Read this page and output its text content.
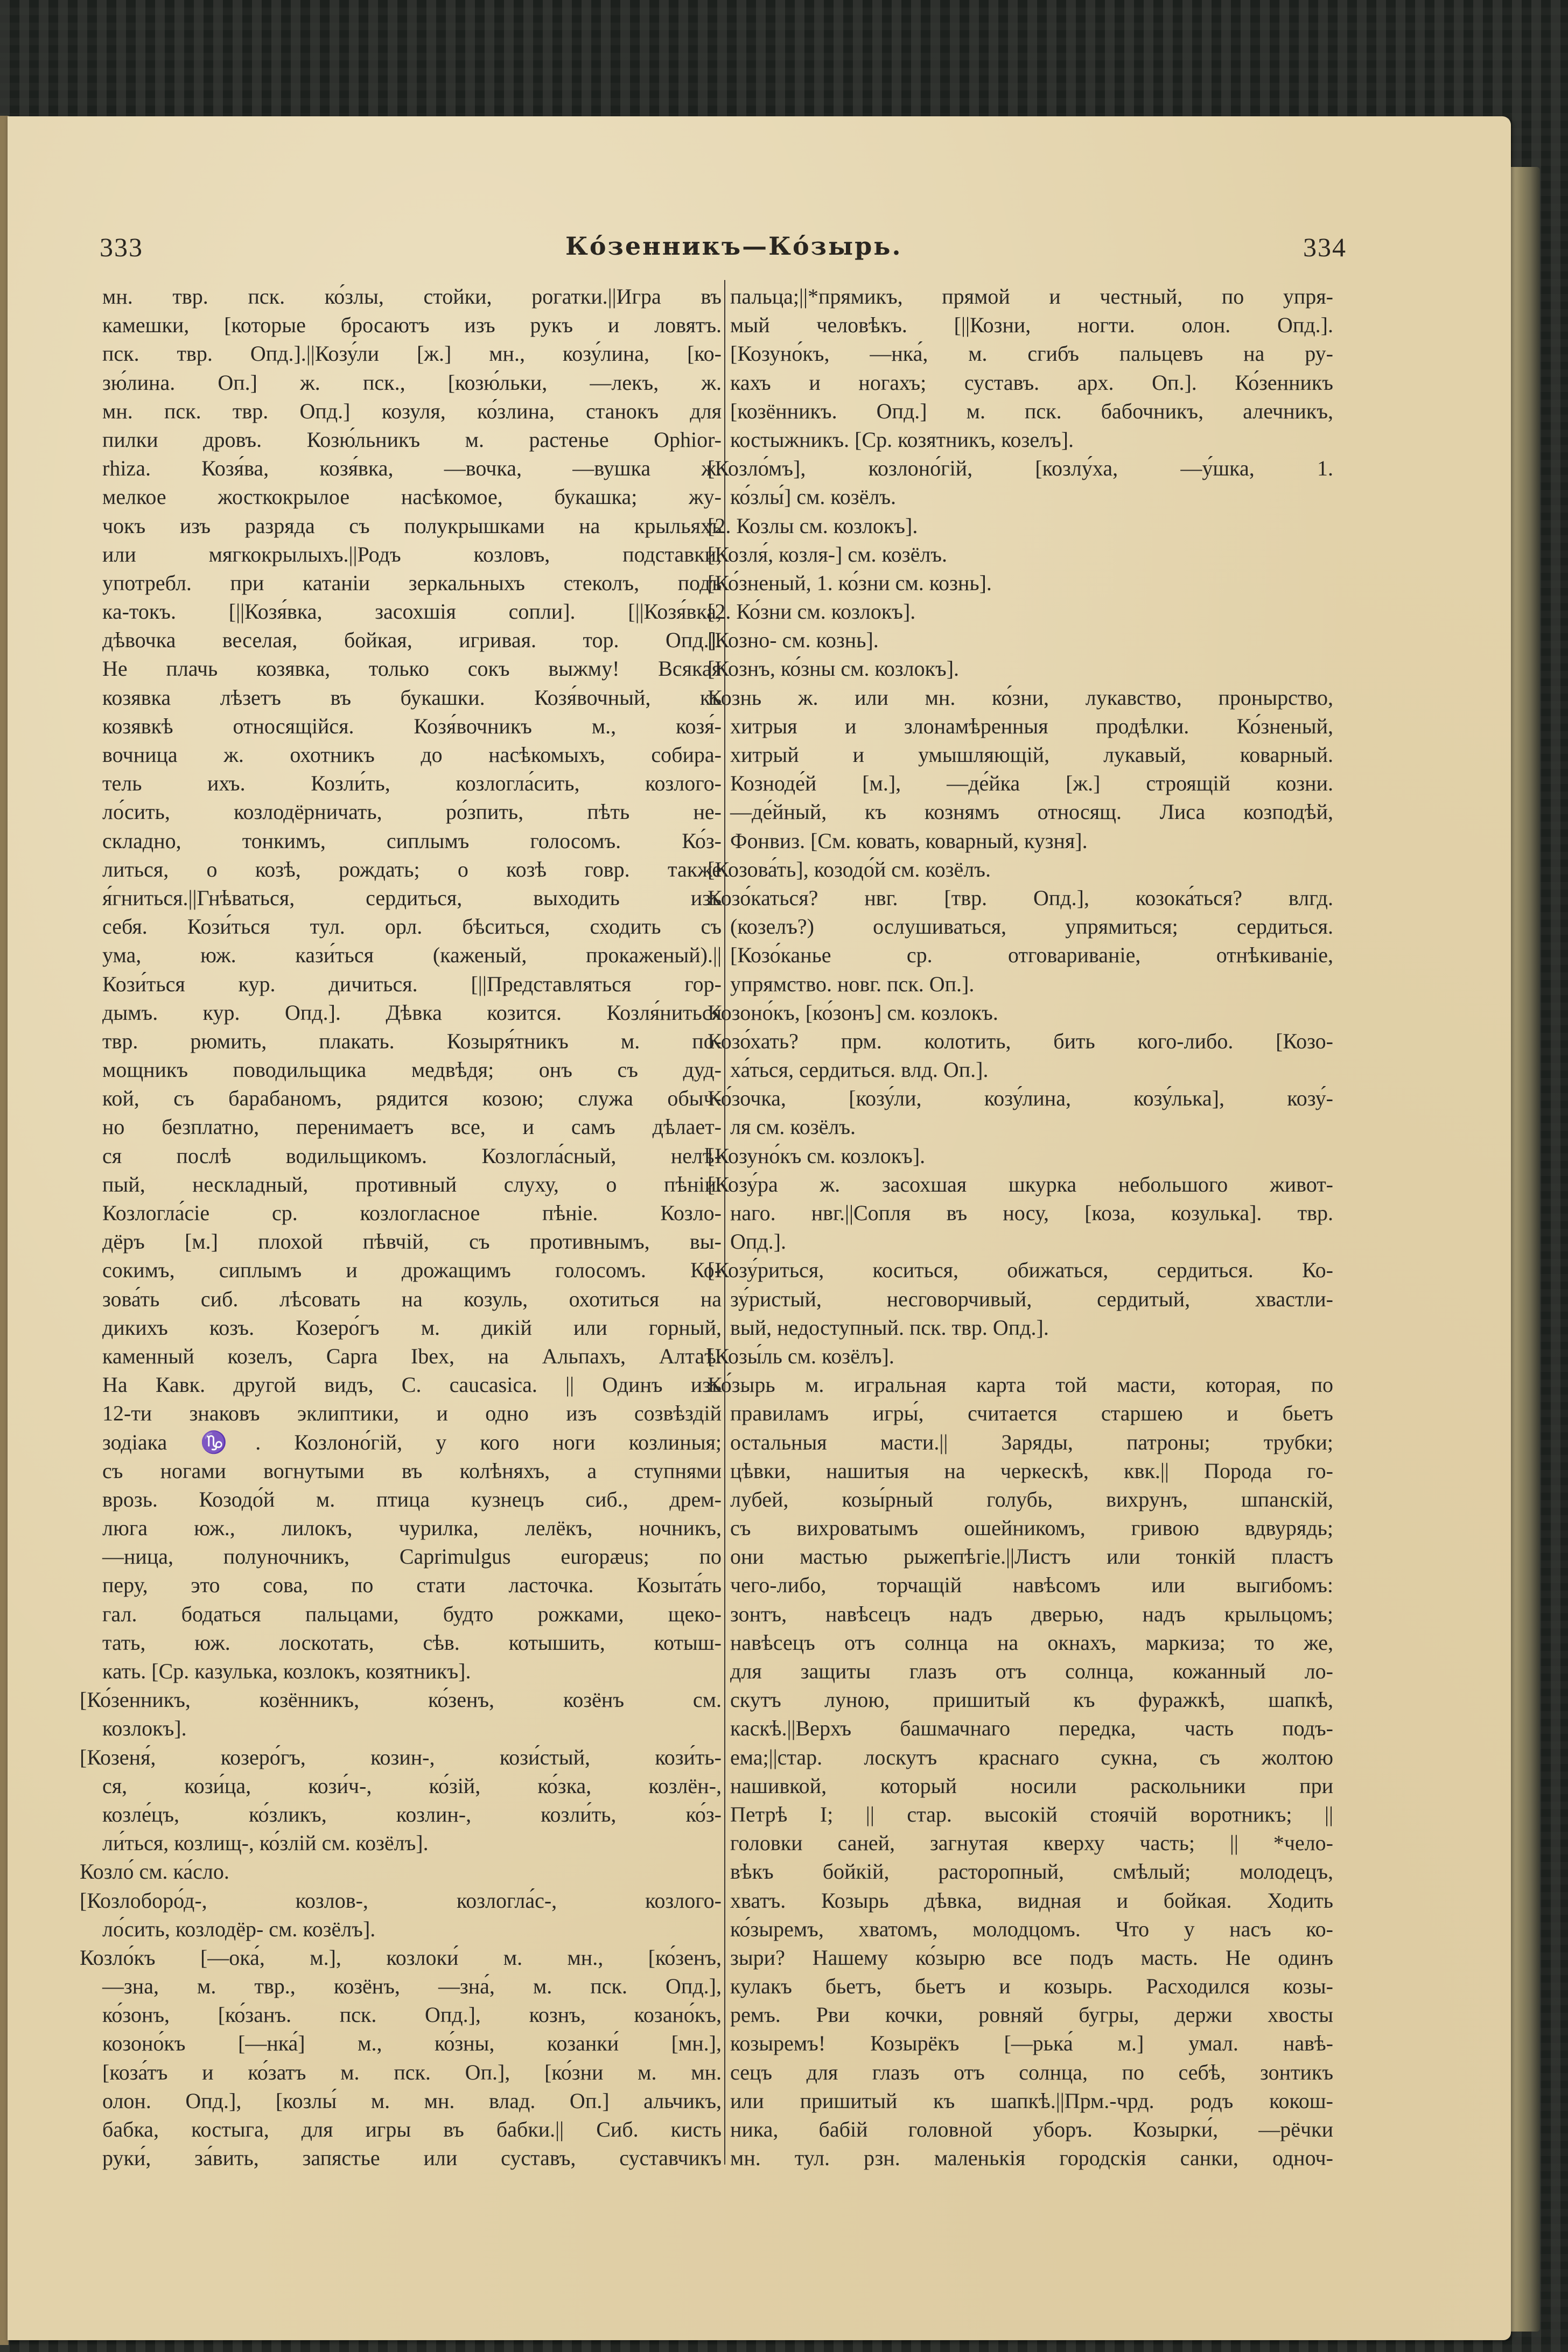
333	Ко́зенникъ—Ко́зырь.	334
мн. твр. пск. ко́злы, стойки, рогатки.||Игра въ
камешки, [которые бросаютъ изъ рукъ и ловятъ.
пск. твр. Опд.].||Козу́ли [ж.] мн., козу́лина, [ко-
зю́лина. Оп.] ж. пск., [козю́льки, —лекъ, ж.
мн. пск. твр. Опд.] козуля, ко́злина, станокъ для
пилки дровъ. Козю́льникъ м. растенье Ophior-
rhiza. Козя́ва, козя́вка, —вочка, —вушка ж.
мелкое жосткокрылое насѣкомое, букашка; жу-
чокъ изъ разряда съ полукрышками на крыльяхъ
или мягкокрылыхъ.||Родъ козловъ, подставки,
употребл. при катаніи зеркальныхъ стеколъ, подъ
ка-токъ. [||Козя́вка, засохшія сопли]. [||Козя́вка,
дѣвочка веселая, бойкая, игривая. тор. Опд.].
Не плачь козявка, только сокъ выжму! Всякая
козявка лѣзетъ въ букашки. Козя́вочный, къ
козявкѣ относящійся. Козя́вочникъ м., козя́-
вочница ж. охотникъ до насѣкомыхъ, собира-
тель ихъ. Козли́ть, козлогла́сить, козлого-
ло́сить, козлодёрничать, ро́зпить, пѣть не-
складно, тонкимъ, сиплымъ голосомъ. Ко́з-
литься, о козѣ, рождать; о козѣ говр. также
я́гниться.||Гнѣваться, сердиться, выходить изъ
себя. Кози́ться тул. орл. бѣситься, сходить съ
ума, юж. кази́ться (каженый, прокаженый).||
Кози́ться кур. дичиться. [||Представляться гор-
дымъ. кур. Опд.]. Дѣвка козится. Козля́ниться
твр. рюмить, плакать. Козыря́тникъ м. по-
мощникъ поводильщика медвѣдя; онъ съ дуд-
кой, съ барабаномъ, рядится козою; служа обыч-
но безплатно, перенимаетъ все, и самъ дѣлает-
ся послѣ водильщикомъ. Козлогла́сный, нелѣ-
пый, нескладный, противный слуху, о пѣніи.
Козлогла́сіе ср. козлогласное пѣніе. Козло-
дёръ [м.] плохой пѣвчій, съ противнымъ, вы-
сокимъ, сиплымъ и дрожащимъ голосомъ. Ко-
зова́ть сиб. лѣсовать на козуль, охотиться на
дикихъ козъ. Козеро́гъ м. дикій или горный,
каменный козелъ, Capra Ibex, на Альпахъ, Алтаѣ.
На Кавк. другой видъ, C. caucasica. || Одинъ изъ
12-ти знаковъ эклиптики, и одно изъ созвѣздій
зодіака ♑. Козлоно́гій, у кого ноги козлиныя;
съ ногами вогнутыми въ колѣняхъ, а ступнями
врозь. Козодо́й м. птица кузнецъ сиб., дрем-
люга юж., лилокъ, чурилка, лелёкъ, ночникъ,
—ница, полуночникъ, Caprimulgus europæus; по
перу, это сова, по стати ласточка. Козыта́ть
гал. бодаться пальцами, будто рожками, щеко-
тать, юж. лоскотать, сѣв. котышить, котыш-
кать. [Ср. казулька, козлокъ, козятникъ].
[Ко́зенникъ, козённикъ, ко́зенъ, козёнъ см.
козлокъ].
[Козеня́, козеро́гъ, козин-, кози́стый, кози́ть-
ся, кози́ца, кози́ч-, ко́зій, ко́зка, козлён-,
козле́цъ, ко́зликъ, козлин-, козли́ть, ко́з-
ли́ться, козлищ-, ко́злій см. козёлъ].
Козло́ см. ка́сло.
[Козлоборо́д-, козлов-, козлогла́с-, козлого-
ло́сить, козлодёр- см. козёлъ].
Козло́къ [—ока́, м.], козлоки́ м. мн., [ко́зенъ,
—зна, м. твр., козёнъ, —зна́, м. пск. Опд.],
ко́зонъ, [ко́занъ. пск. Опд.], кознъ, козано́къ,
козоно́къ [—нка́] м., ко́зны, козанки́ [мн.],
[коза́тъ и ко́затъ м. пск. Оп.], [ко́зни м. мн.
олон. Опд.], [козлы́ м. мн. влад. Оп.] альчикъ,
бабка, костыга, для игры въ бабки.|| Сиб. кисть
руки́, за́вить, запястье или суставъ, суставчикъ
пальца;||*прямикъ, прямой и честный, по упря-
мый человѣкъ. [||Козни, ногти. олон. Опд.].
[Козуно́къ, —нка́, м. сгибъ пальцевъ на ру-
кахъ и ногахъ; суставъ. арх. Оп.]. Ко́зенникъ
[козённикъ. Опд.] м. пск. бабочникъ, алечникъ,
костыжникъ. [Ср. козятникъ, козелъ].
[Козло́мъ], козлоно́гій, [козлу́ха, —у́шка, 1.
ко́злы́] см. козёлъ.
[2. Козлы см. козлокъ].
[Козля́, козля-] см. козёлъ.
[Ко́зненый, 1. ко́зни см. кознь].
[2. Ко́зни см. козлокъ].
[Козно- см. кознь].
[Кознъ, ко́зны см. козлокъ].
Кознь ж. или мн. ко́зни, лукавство, пронырство,
хитрыя и злонамѣренныя продѣлки. Ко́зненый,
хитрый и умышляющій, лукавый, коварный.
Козноде́й [м.], —де́йка [ж.] строящій козни.
—де́йный, къ кознямъ относящ. Лиса козподѣй,
Фонвиз. [См. ковать, коварный, кузня].
[Козова́ть], козодо́й см. козёлъ.
Козо́каться? нвг. [твр. Опд.], козока́ться? влгд.
(козелъ?) ослушиваться, упрямиться; сердиться.
[Козо́канье ср. отговариваніе, отнѣкиваніе,
упрямство. новг. пск. Оп.].
Козоно́къ, [ко́зонъ] см. козлокъ.
Козо́хать? прм. колотить, бить кого-либо. [Козо-
ха́ться, сердиться. влд. Оп.].
Ко́зочка, [козу́ли, козу́лина, козу́лька], козу́-
ля см. козёлъ.
[Козуно́къ см. козлокъ].
[Козу́ра ж. засохшая шкурка небольшого живот-
наго. нвг.||Сопля въ носу, [коза, козулька]. твр.
Опд.].
[Козу́риться, коситься, обижаться, сердиться. Ко-
зу́ристый, несговорчивый, сердитый, хвастли-
вый, недоступный. пск. твр. Опд.].
[Козы́ль см. козёлъ].
Ко́зырь м. игральная карта той масти, которая, по
правиламъ игры́, считается старшею и бьетъ
остальныя масти.|| Заряды, патроны; трубки;
цѣвки, нашитыя на черкескѣ, квк.|| Порода го-
лубей, козы́рный голубь, вихрунъ, шпанскій,
съ вихроватымъ ошейникомъ, гривою вдвурядь;
они мастью рыжепѣгіе.||Листъ или тонкій пластъ
чего-либо, торчащій навѣсомъ или выгибомъ:
зонтъ, навѣсецъ надъ дверью, надъ крыльцомъ;
навѣсецъ отъ солнца на окнахъ, маркиза; то же,
для защиты глазъ отъ солнца, кожанный ло-
скутъ луною, пришитый къ фуражкѣ, шапкѣ,
каскѣ.||Верхъ башмачнаго передка, часть подъ-
ема;||стар. лоскутъ краснаго сукна, съ жолтою
нашивкой, который носили раскольники при
Петрѣ I; || стар. высокій стоячій воротникъ; ||
головки саней, загнутая кверху часть; || *чело-
вѣкъ бойкій, расторопный, смѣлый; молодецъ,
хватъ. Козырь дѣвка, видная и бойкая. Ходить
ко́зыремъ, хватомъ, молодцомъ. Что у насъ ко-
зыри? Нашему ко́зырю все подъ масть. Не одинъ
кулакъ бьетъ, бьетъ и козырь. Расходился козы-
ремъ. Рви кочки, ровняй бугры, держи хвосты
козыремъ! Козырёкъ [—рька́ м.] умал. навѣ-
сецъ для глазъ отъ солнца, по себѣ, зонтикъ
или пришитый къ шапкѣ.||Прм.-чрд. родъ кокош-
ника, бабій головной уборъ. Козырки́, —рёчки
мн. тул. рзн. маленькія городскія санки, одноч-
